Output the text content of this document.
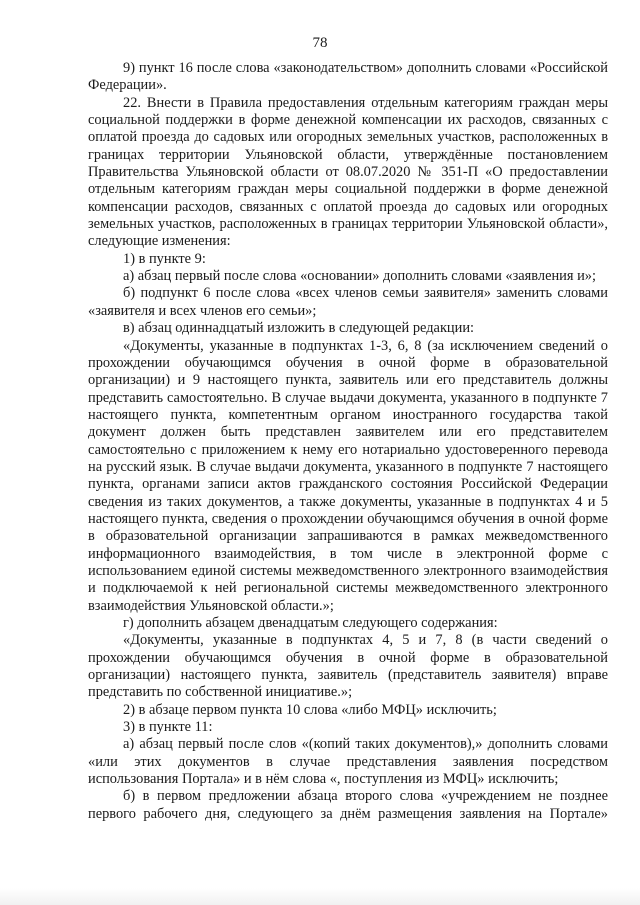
78

9) пункт 16 после слова «законодательством» дополнить словами «Российской Федерации».

22. Внести в Правила предоставления отдельным категориям граждан меры социальной поддержки в форме денежной компенсации их расходов, связанных с оплатой проезда до садовых или огородных земельных участков, расположенных в границах территории Ульяновской области, утверждённые постановлением Правительства Ульяновской области от 08.07.2020 № 351-П «О предоставлении отдельным категориям граждан меры социальной поддержки в форме денежной компенсации расходов, связанных с оплатой проезда до садовых или огородных земельных участков, расположенных в границах территории Ульяновской области», следующие изменения:

1) в пункте 9:

а) абзац первый после слова «основании» дополнить словами «заявления и»;

б) подпункт 6 после слова «всех членов семьи заявителя» заменить словами «заявителя и всех членов его семьи»;

в) абзац одиннадцатый изложить в следующей редакции:

«Документы, указанные в подпунктах 1-3, 6, 8 (за исключением сведений о прохождении обучающимся обучения в очной форме в образовательной организации) и 9 настоящего пункта, заявитель или его представитель должны представить самостоятельно. В случае выдачи документа, указанного в подпункте 7 настоящего пункта, компетентным органом иностранного государства такой документ должен быть представлен заявителем или его представителем самостоятельно с приложением к нему его нотариально удостоверенного перевода на русский язык. В случае выдачи документа, указанного в подпункте 7 настоящего пункта, органами записи актов гражданского состояния Российской Федерации сведения из таких документов, а также документы, указанные в подпунктах 4 и 5 настоящего пункта, сведения о прохождении обучающимся обучения в очной форме в образовательной организации запрашиваются в рамках межведомственного информационного взаимодействия, в том числе в электронной форме с использованием единой системы межведомственного электронного взаимодействия и подключаемой к ней региональной системы межведомственного электронного взаимодействия Ульяновской области.»;

г) дополнить абзацем двенадцатым следующего содержания:

«Документы, указанные в подпунктах 4, 5 и 7, 8 (в части сведений о прохождении обучающимся обучения в очной форме в образовательной организации) настоящего пункта, заявитель (представитель заявителя) вправе представить по собственной инициативе.»;

2) в абзаце первом пункта 10 слова «либо МФЦ» исключить;

3) в пункте 11:

а) абзац первый после слов «(копий таких документов),» дополнить словами «или этих документов в случае представления заявления посредством использования Портала» и в нём слова «, поступления из МФЦ» исключить;

б) в первом предложении абзаца второго слова «учреждением не позднее первого рабочего дня, следующего за днём размещения заявления на Портале»
